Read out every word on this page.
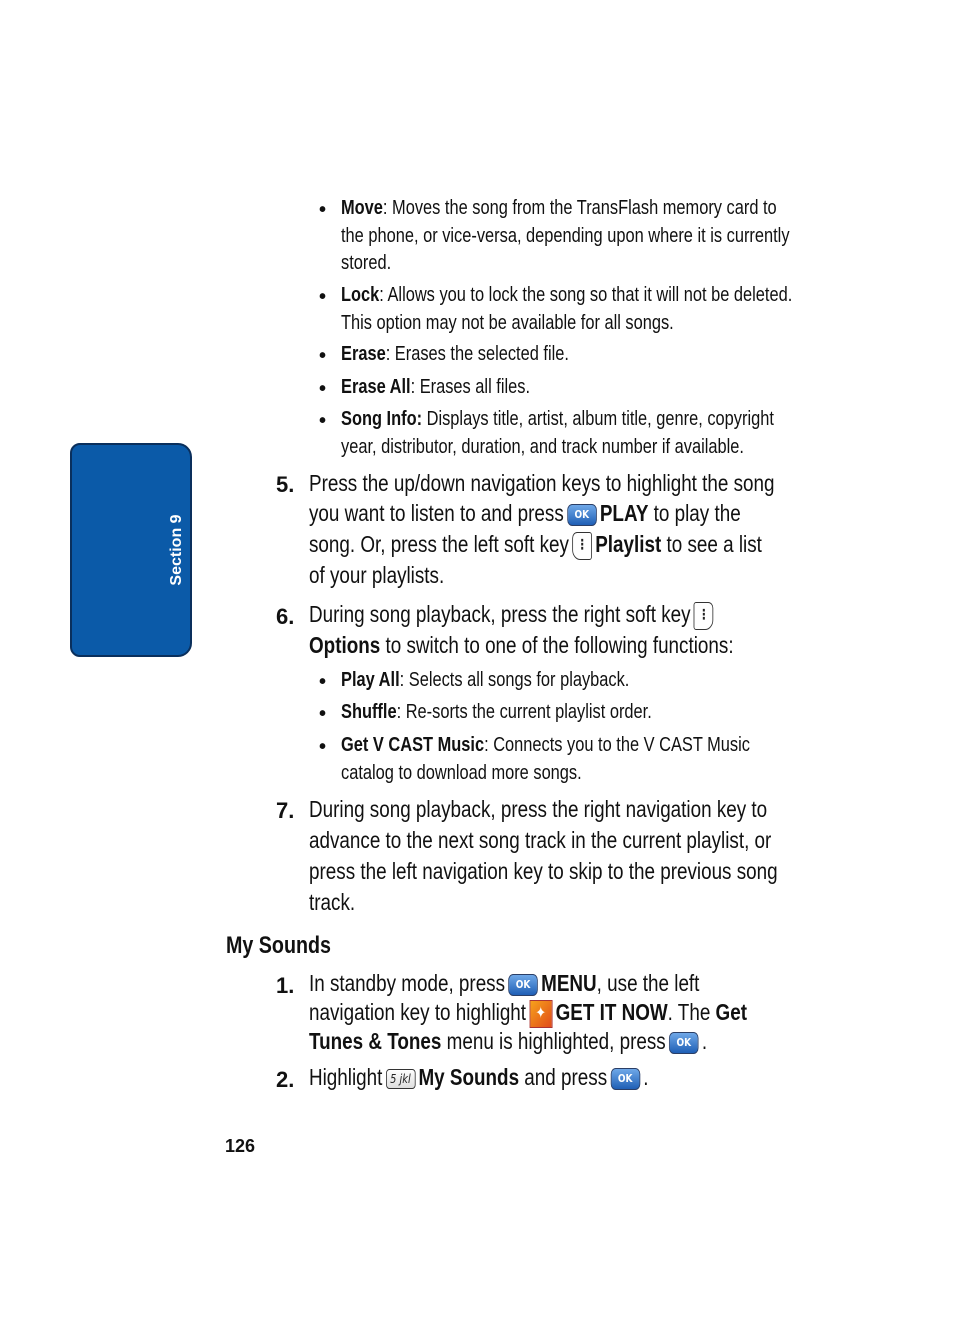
Section 9
• Move: Moves the song from the TransFlash memory card to
the phone, or vice-versa, depending upon where it is currently
stored.
• Lock: Allows you to lock the song so that it will not be deleted.
This option may not be available for all songs.
• Erase: Erases the selected file.
• Erase All: Erases all files.
• Song Info: Displays title, artist, album title, genre, copyright
year, distributor, duration, and track number if available.
5. Press the up/down navigation keys to highlight the song
you want to listen to and press OK PLAY to play the
song. Or, press the left soft key ⋮ Playlist to see a list
of your playlists.
6. During song playback, press the right soft key ⋮
Options to switch to one of the following functions:
• Play All: Selects all songs for playback.
• Shuffle: Re-sorts the current playlist order.
• Get V CAST Music: Connects you to the V CAST Music
catalog to download more songs.
7. During song playback, press the right navigation key to
advance to the next song track in the current playlist, or
press the left navigation key to skip to the previous song
track.
My Sounds
1. In standby mode, press OK MENU, use the left
navigation key to highlight ✦ GET IT NOW. The Get
Tunes & Tones menu is highlighted, press OK .
2. Highlight 5 jkl My Sounds and press OK .
126
